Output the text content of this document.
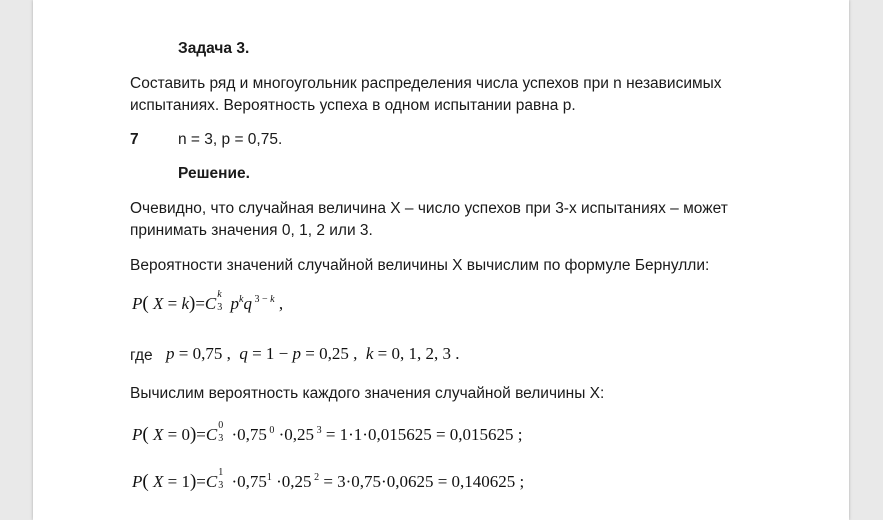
Задача 3.
Составить ряд и многоугольник распределения числа успехов при n независимых
испытаниях. Вероятность успеха в одном испытании равна p.
7	n = 3, p = 0,75.
Решение.
Очевидно, что случайная величина Х – число успехов при 3-х испытаниях – может
принимать значения 0, 1, 2 или 3.
Вероятности значений случайной величины Х вычислим по формуле Бернулли:
P( X = k)=C k
3 $p^kq$ $^{3 - k}$ ,
где p = 0,75 ,  q = 1 − p = 0,25 ,  k = 0, 1, 2, 3 .
Вычислим вероятность каждого значения случайной величины Х:
P( X = 0)=C 0
3 ·0,75 $^0$ ·0,25 $^3$ = 1·1·0,015625 = 0,015625 ;
P( X = 1)=C 1
$3 \cdot 0,75^1 \cdot 0,25$ $^2$ = 3·0,75·0,0625 = 0,140625 ;
